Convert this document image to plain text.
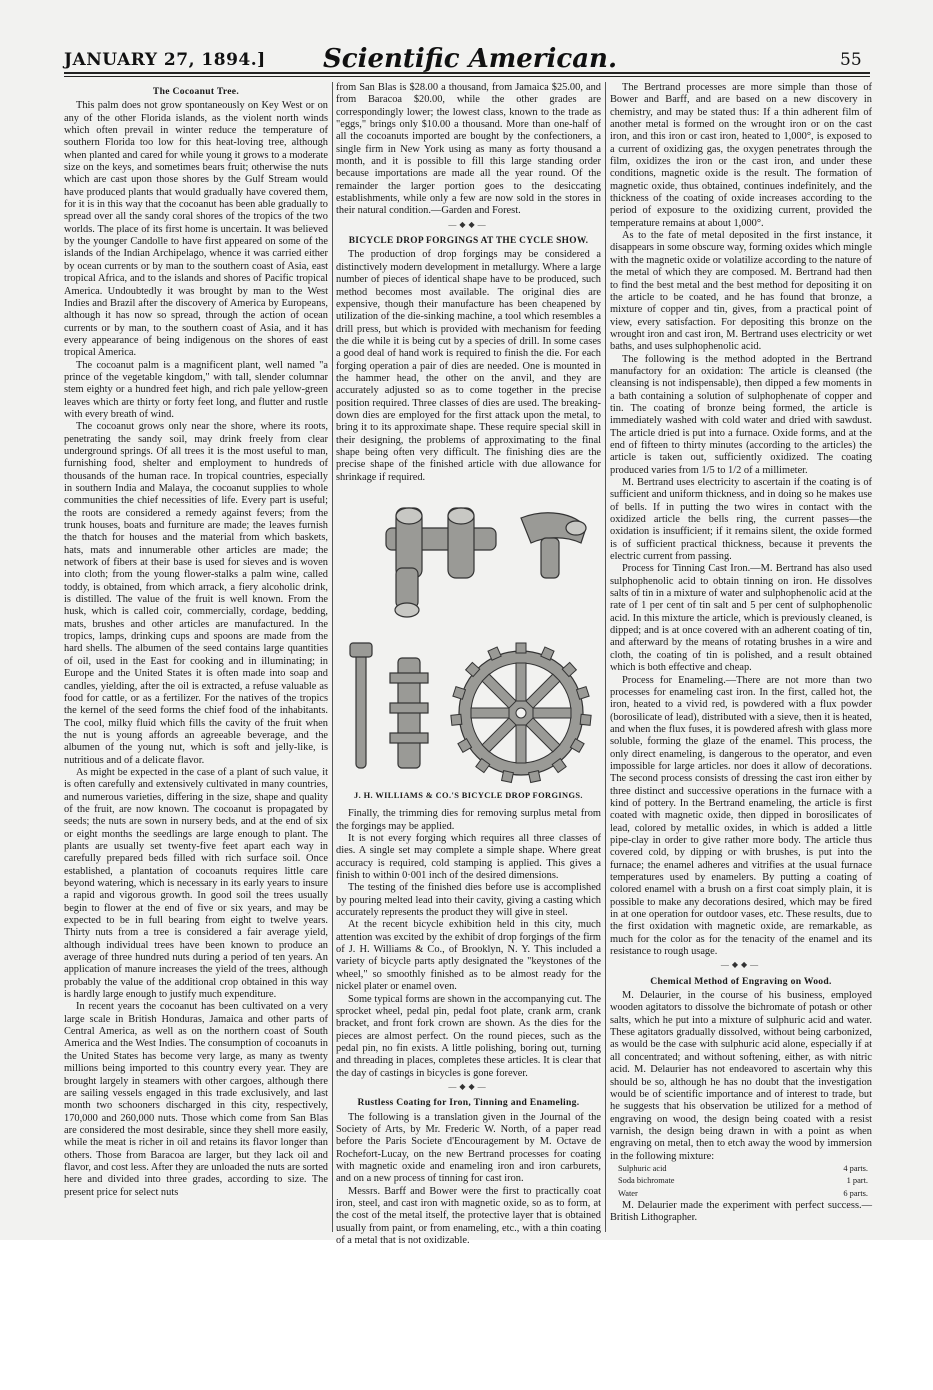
JANUARY 27, 1894.] Scientific American.	55
The Cocoanut Tree.

This palm does not grow spontaneously on Key West or on any of the other Florida islands, as the violent north winds which often prevail in winter reduce the temperature of southern Florida too low for this heat-loving tree, although when planted and cared for while young it grows to a moderate size on the keys, and sometimes bears fruit; otherwise the nuts which are cast upon those shores by the Gulf Stream would have produced plants that would gradually have covered them, for it is in this way that the cocoanut has been able gradually to spread over all the sandy coral shores of the tropics of the two worlds. The place of its first home is uncertain. It was believed by the younger Candolle to have first appeared on some of the islands of the Indian Archipelago, whence it was carried either by ocean currents or by man to the southern coast of Asia, east tropical Africa, and to the islands and shores of Pacific tropical America. Undoubtedly it was brought by man to the West Indies and Brazil after the discovery of America by Europeans, although it has now so spread, through the action of ocean currents or by man, to the southern coast of Asia, and it has every appearance of being indigenous on the shores of east tropical America.

The cocoanut palm is a magnificent plant, well named "a prince of the vegetable kingdom," with tall, slender columnar stem eighty or a hundred feet high, and rich pale yellow-green leaves which are thirty or forty feet long, and flutter and rustle with every breath of wind.

The cocoanut grows only near the shore, where its roots, penetrating the sandy soil, may drink freely from clear underground springs. Of all trees it is the most useful to man, furnishing food, shelter and employment to hundreds of thousands of the human race. In tropical countries, especially in southern India and Malaya, the cocoanut supplies to whole communities the chief necessities of life. Every part is useful; the roots are considered a remedy against fevers; from the trunk houses, boats and furniture are made; the leaves furnish the thatch for houses and the material from which baskets, hats, mats and innumerable other articles are made; the network of fibers at their base is used for sieves and is woven into cloth; from the young flower-stalks a palm wine, called toddy, is obtained, from which arrack, a fiery alcoholic drink, is distilled. The value of the fruit is well known. From the husk, which is called coir, commercially, cordage, bedding, mats, brushes and other articles are manufactured. In the tropics, lamps, drinking cups and spoons are made from the hard shells. The albumen of the seed contains large quantities of oil, used in the East for cooking and in illuminating; in Europe and the United States it is often made into soap and candles, yielding, after the oil is extracted, a refuse valuable as food for cattle, or as a fertilizer. For the natives of the tropics the kernel of the seed forms the chief food of the inhabitants. The cool, milky fluid which fills the cavity of the fruit when the nut is young affords an agreeable beverage, and the albumen of the young nut, which is soft and jelly-like, is nutritious and of a delicate flavor.

As might be expected in the case of a plant of such value, it is often carefully and extensively cultivated in many countries, and numerous varieties, differing in the size, shape and quality of the fruit, are now known. The cocoanut is propagated by seeds; the nuts are sown in nursery beds, and at the end of six or eight months the seedlings are large enough to plant. The plants are usually set twenty-five feet apart each way in carefully prepared beds filled with rich surface soil. Once established, a plantation of cocoanuts requires little care beyond watering, which is necessary in its early years to insure a rapid and vigorous growth. In good soil the trees usually begin to flower at the end of five or six years, and may be expected to be in full bearing from eight to twelve years. Thirty nuts from a tree is considered a fair average yield, although individual trees have been known to produce an average of three hundred nuts during a period of ten years. An application of manure increases the yield of the trees, although probably the value of the additional crop obtained in this way is hardly large enough to justify much expenditure.

In recent years the cocoanut has been cultivated on a very large scale in British Honduras, Jamaica and other parts of Central America, as well as on the northern coast of South America and the West Indies. The consumption of cocoanuts in the United States has become very large, as many as twenty millions being imported to this country every year. They are brought largely in steamers with other cargoes, although there are sailing vessels engaged in this trade exclusively, and last month two schooners discharged in this city, respectively, 170,000 and 260,000 nuts. Those which come from San Blas are considered the most desirable, since they shell more easily, while the meat is richer in oil and retains its flavor longer than others. Those from Baracoa are larger, but they lack oil and flavor, and cost less. After they are unloaded the nuts are sorted here and divided into three grades, according to size. The present price for select nuts

from San Blas is $28.00 a thousand, from Jamaica $25.00, and from Baracoa $20.00, while the other grades are correspondingly lower; the lowest class, known to the trade as "eggs," brings only $10.00 a thousand. More than one-half of all the cocoanuts imported are bought by the confectioners, a single firm in New York using as many as forty thousand a month, and it is possible to fill this large standing order because importations are made all the year round. Of the remainder the larger portion goes to the desiccating establishments, while only a few are now sold in the stores in their natural condition.—Garden and Forest.

—◆◆—
BICYCLE DROP FORGINGS AT THE CYCLE SHOW.

The production of drop forgings may be considered a distinctively modern development in metallurgy. Where a large number of pieces of identical shape have to be produced, such method becomes most available. The original dies are expensive, though their manufacture has been cheapened by utilization of the die-sinking machine, a tool which resembles a drill press, but which is provided with mechanism for feeding the die while it is being cut by a species of drill. In some cases a good deal of hand work is required to finish the die. For each forging operation a pair of dies are needed. One is mounted in the hammer head, the other on the anvil, and they are accurately adjusted so as to come together in the precise position required. Three classes of dies are used. The breaking-down dies are employed for the first attack upon the metal, to bring it to its approximate shape. These require special skill in their designing, the problems of approximating to the final shape being often very difficult. The finishing dies are the precise shape of the finished article with due allowance for shrinkage if required.

J. H. WILLIAMS & CO.'S BICYCLE DROP FORGINGS.

Finally, the trimming dies for removing surplus metal from the forgings may be applied.

It is not every forging which requires all three classes of dies. A single set may complete a simple shape. Where great accuracy is required, cold stamping is applied. This gives a finish to within 0·001 inch of the desired dimensions.

The testing of the finished dies before use is accomplished by pouring melted lead into their cavity, giving a casting which accurately represents the product they will give in steel.

At the recent bicycle exhibition held in this city, much attention was excited by the exhibit of drop forgings of the firm of J. H. Williams & Co., of Brooklyn, N. Y. This included a variety of bicycle parts aptly designated the "keystones of the wheel," so smoothly finished as to be almost ready for the nickel plater or enamel oven.

Some typical forms are shown in the accompanying cut. The sprocket wheel, pedal pin, pedal foot plate, crank arm, crank bracket, and front fork crown are shown. As the dies for the pieces are almost perfect. On the round pieces, such as the pedal pin, no fin exists. A little polishing, boring out, turning and threading in places, completes these articles. It is clear that the day of castings in bicycles is gone forever.

—◆◆—
Rustless Coating for Iron, Tinning and Enameling.

The following is a translation given in the Journal of the Society of Arts, by Mr. Frederic W. North, of a paper read before the Paris Societe d'Encouragement by M. Octave de Rochefort-Lucay, on the new Bertrand processes for coating with magnetic oxide and enameling iron and iron carburets, and on a new process of tinning for cast iron.

Messrs. Barff and Bower were the first to practically coat iron, steel, and cast iron with magnetic oxide, so as to form, at the cost of the metal itself, the protective layer that is obtained usually from paint, or from enameling, etc., with a thin coating of a metal that is not oxidizable.

The Bertrand processes are more simple than those of Bower and Barff, and are based on a new discovery in chemistry, and may be stated thus: If a thin adherent film of another metal is formed on the wrought iron or on the cast iron, and this iron or cast iron, heated to 1,000°, is exposed to a current of oxidizing gas, the oxygen penetrates through the film, oxidizes the iron or the cast iron, and under these conditions, magnetic oxide is the result. The formation of magnetic oxide, thus obtained, continues indefinitely, and the thickness of the coating of oxide increases according to the period of exposure to the oxidizing current, provided the temperature remains at about 1,000°.

As to the fate of metal deposited in the first instance, it disappears in some obscure way, forming oxides which mingle with the magnetic oxide or volatilize according to the nature of the metal of which they are composed. M. Bertrand had then to find the best metal and the best method for depositing it on the article to be coated, and he has found that bronze, a mixture of copper and tin, gives, from a practical point of view, every satisfaction. For depositing this bronze on the wrought iron and cast iron, M. Bertrand uses electricity or wet baths, and uses sulphophenolic acid.

The following is the method adopted in the Bertrand manufactory for an oxidation: The article is cleansed (the cleansing is not indispensable), then dipped a few moments in a bath containing a solution of sulphophenate of copper and tin. The coating of bronze being formed, the article is immediately washed with cold water and dried with sawdust. The article dried is put into a furnace. Oxide forms, and at the end of fifteen to thirty minutes (according to the articles) the article is taken out, sufficiently oxidized. The coating produced varies from 1/5 to 1/2 of a millimeter.

M. Bertrand uses electricity to ascertain if the coating is of sufficient and uniform thickness, and in doing so he makes use of bells. If in putting the two wires in contact with the oxidized article the bells ring, the current passes—the oxidation is insufficient; if it remains silent, the oxide formed is of sufficient practical thickness, because it prevents the electric current from passing.

Process for Tinning Cast Iron.—M. Bertrand has also used sulphophenolic acid to obtain tinning on iron. He dissolves salts of tin in a mixture of water and sulphophenolic acid at the rate of 1 per cent of tin salt and 5 per cent of sulphophenolic acid. In this mixture the article, which is previously cleaned, is dipped; and is at once covered with an adherent coating of tin, and afterward by the means of rotating brushes in a wire and cloth, the coating of tin is polished, and a result obtained which is both effective and cheap.

Process for Enameling.—There are not more than two processes for enameling cast iron. In the first, called hot, the iron, heated to a vivid red, is powdered with a flux powder (borosilicate of lead), distributed with a sieve, then it is heated, and when the flux fuses, it is powdered afresh with glass more soluble, forming the glaze of the enamel. This process, the only direct enameling, is dangerous to the operator, and even impossible for large articles. nor does it allow of decorations. The second process consists of dressing the cast iron either by three distinct and successive operations in the furnace with a kind of pottery. In the Bertrand enameling, the article is first coated with magnetic oxide, then dipped in borosilicates of lead, colored by metallic oxides, in which is added a little pipe-clay in order to give rather more body. The article thus covered cold, by dipping or with brushes, is put into the furnace; the enamel adheres and vitrifies at the usual furnace temperatures used by enamelers. By putting a coating of colored enamel with a brush on a first coat simply plain, it is possible to make any decorations desired, which may be fired in at one operation for outdoor vases, etc. These results, due to the first oxidation with magnetic oxide, are remarkable, as much for the color as for the tenacity of the enamel and its resistance to rough usage.

—◆◆—
Chemical Method of Engraving on Wood.

M. Delaurier, in the course of his business, employed wooden agitators to dissolve the bichromate of potash or other salts, which he put into a mixture of sulphuric acid and water. These agitators gradually dissolved, without being carbonized, as would be the case with sulphuric acid alone, especially if at all concentrated; and without softening, either, as with nitric acid. M. Delaurier has not endeavored to ascertain why this should be so, although he has no doubt that the investigation would be of scientific importance and of interest to trade, but he suggests that his observation be utilized for a method of engraving on wood, the design being coated with a resist varnish, the design being drawn in with a point as when engraving on metal, then to etch away the wood by immersion in the following mixture:

Sulphuric acid	4 parts.
Soda bichromate	1 part.
Water	6 parts.

M. Delaurier made the experiment with perfect success.—British Lithographer.
